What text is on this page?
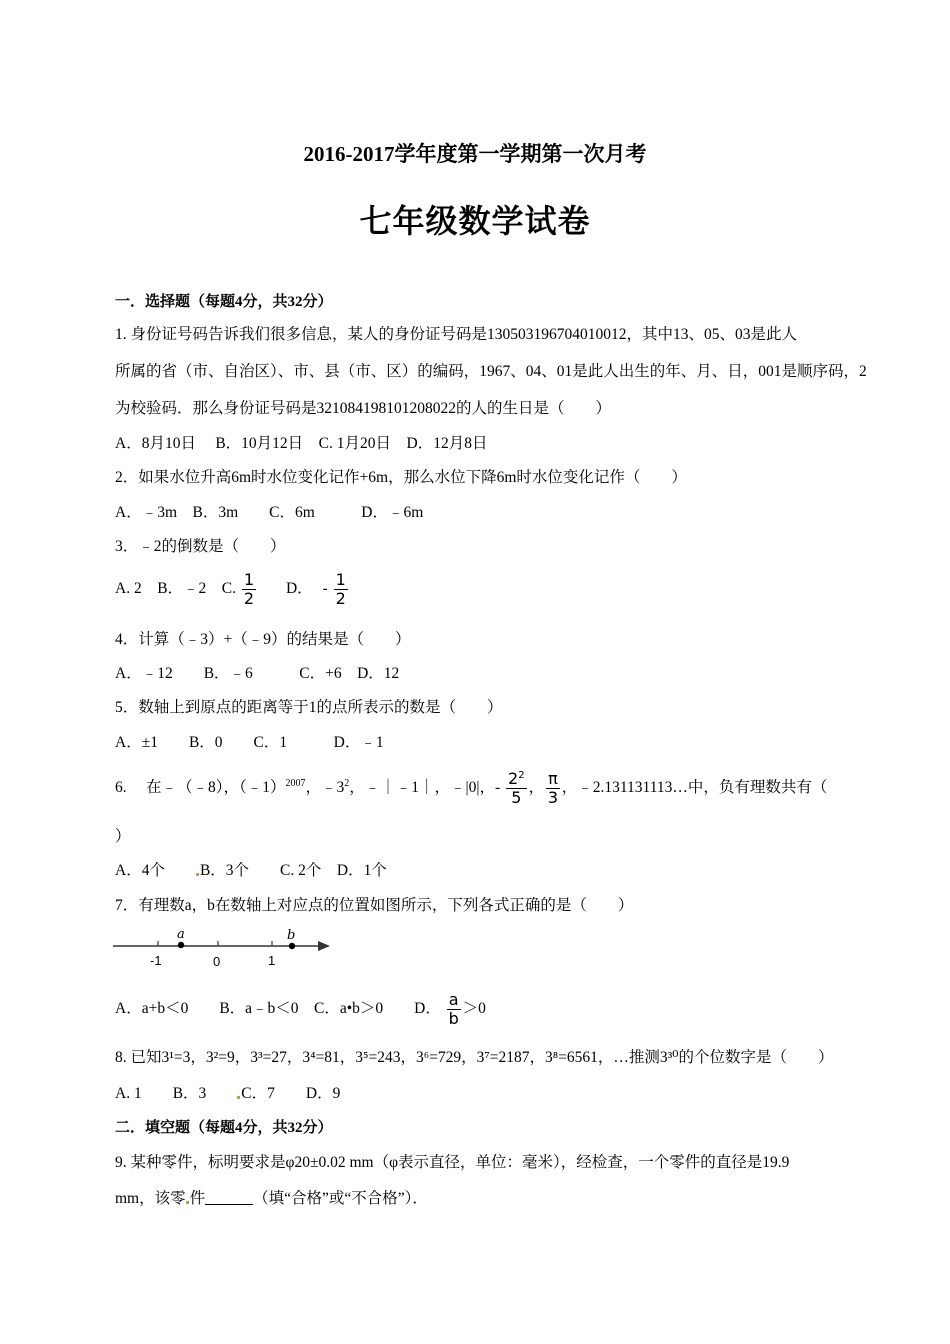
2016-2017学年度第一学期第一次月考
七年级数学试卷
一．选择题（每题4分，共32分）
1. 身份证号码告诉我们很多信息，某人的身份证号码是130503196704010012，其中13、05、03是此人
所属的省（市、自治区）、市、县（市、区）的编码，1967、04、01是此人出生的年、月、日，001是顺序码，2
为校验码．那么身份证号码是321084198101208022的人的生日是（　　）
A．8月10日　 B．10月12日　C. 1月20日　D．12月8日
2．如果水位升高6m时水位变化记作+6m，那么水位下降6m时水位变化记作（　　）
A．﹣3m　B．3m　　C．6m　　　D．﹣6m
3．﹣2的倒数是（　　）
A. 2　B．﹣2　C. $\frac{1}{2}$ D． - $\frac{1}{2}$
4．计算（﹣3）+（﹣9）的结果是（　　）
A．﹣12　　B．﹣6　　　C．+6　D．12
5．数轴上到原点的距离等于1的点所表示的数是（　　）
A．±1　　B．0　　C．1　　　D．﹣1
6.　 在﹣（﹣8），（﹣1）$^{2007}$，$﹣3^2$，﹣｜﹣1｜，﹣|0|，- $\frac{2^2}{5}$ ， $\frac{\pi}{3}$ ，﹣2.131131113…中，负有理数共有（
）
A．4个　　B．3个　　C. 2个　D．1个
7．有理数a，b在数轴上对应点的位置如图所示，下列各式正确的是（　　）
a	b
-1	0	1
A．a+b＜0　　B．a﹣b＜0　C．a•b＞0　　D． $\frac{a}{b} >0$
8. 已知3¹=3，3²=9，3³=27，3⁴=81，3⁵=243，3⁶=729，3⁷=2187，3⁸=6561，…推测3³⁰的个位数字是（　　）
A. 1　　B．3　　C．7　　D．9
二．填空题（每题4分，共32分）
9. 某种零件，标明要求是φ20±0.02 mm（φ表示直径，单位：毫米），经检查，一个零件的直径是19.9
mm，该零 件	（填“合格”或“不合格”）．
